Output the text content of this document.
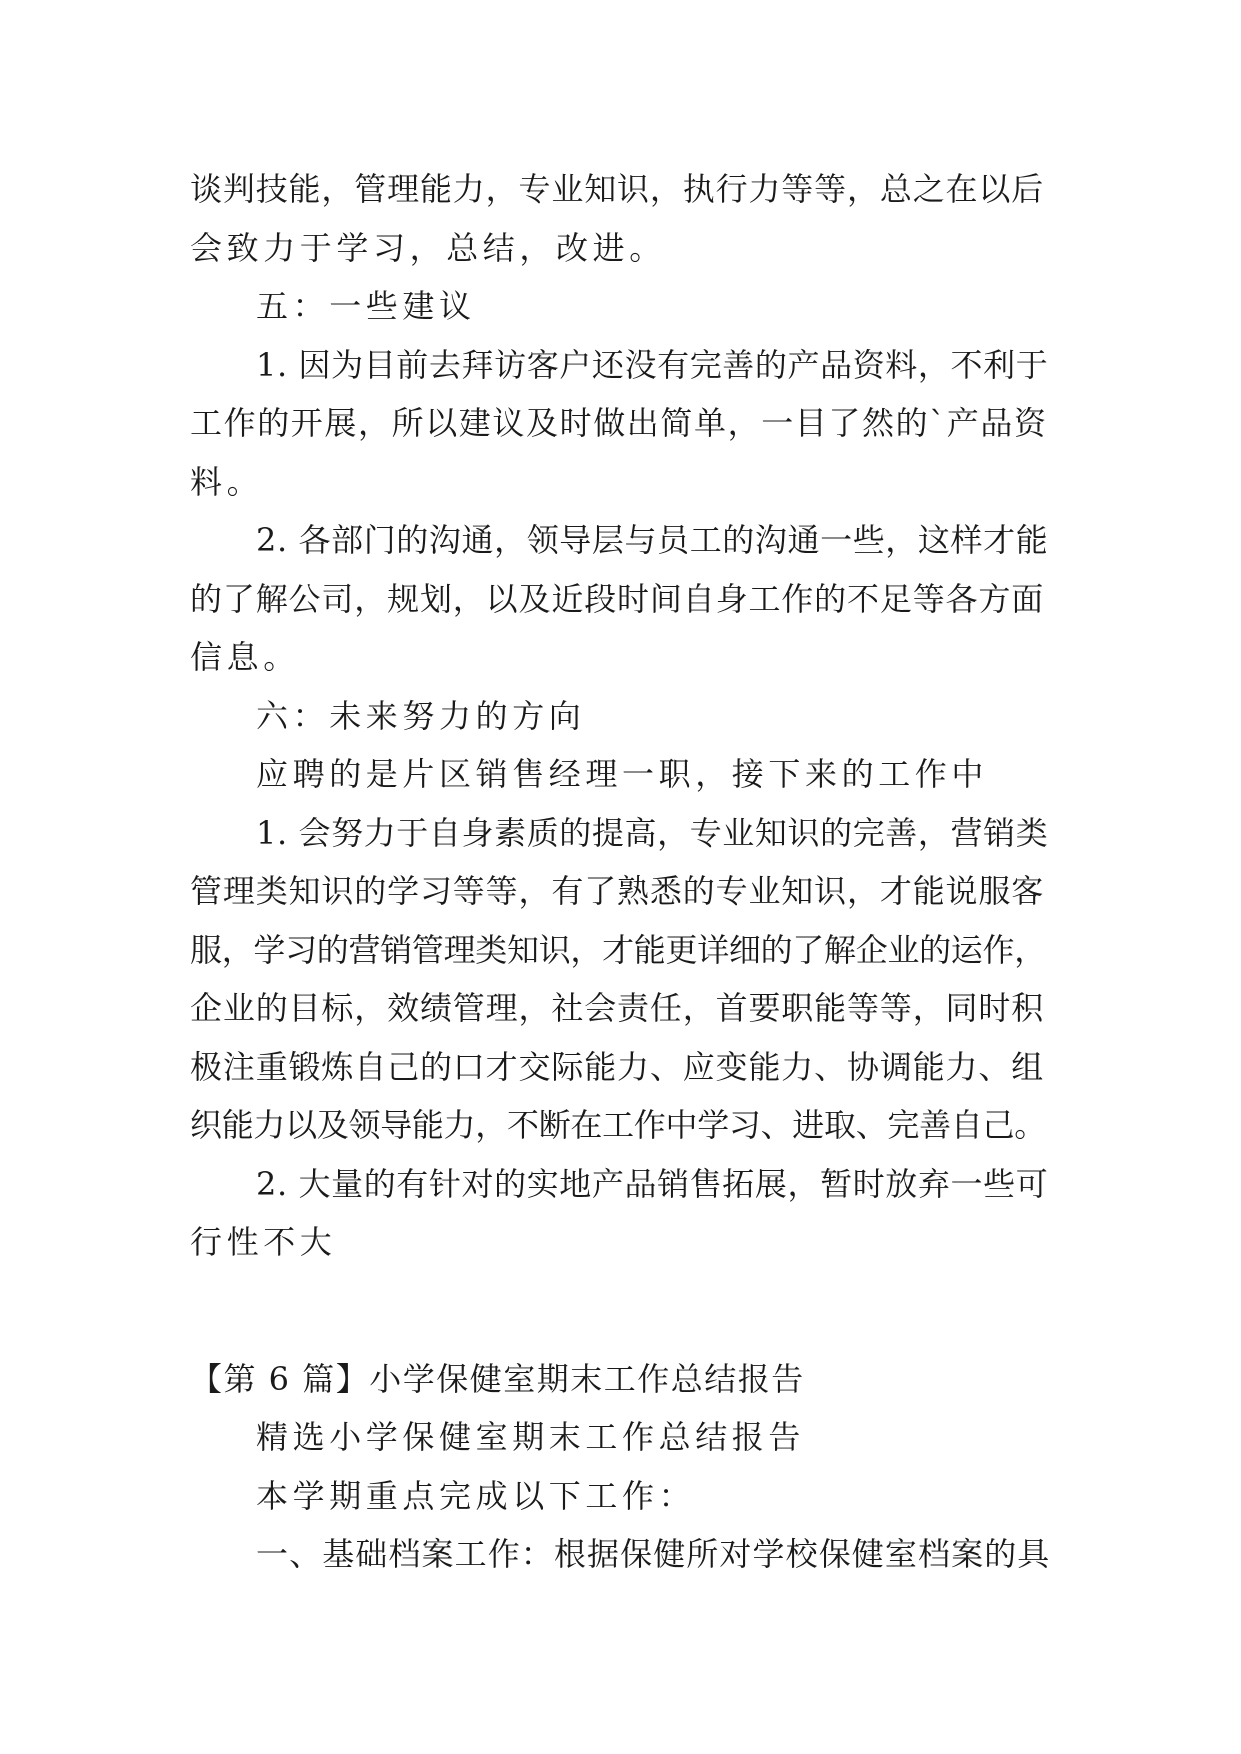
谈判技能，管理能力，专业知识，执行力等等，总之在以后
会致力于学习，总结，改进。
五：一些建议
1. 因为目前去拜访客户还没有完善的产品资料，不利于
工作的开展，所以建议及时做出简单，一目了然的`产品资
料。
2. 各部门的沟通，领导层与员工的沟通一些，这样才能
的了解公司，规划，以及近段时间自身工作的不足等各方面
信息。
六：未来努力的方向
应聘的是片区销售经理一职，接下来的工作中
1. 会努力于自身素质的提高，专业知识的完善，营销类
管理类知识的学习等等，有了熟悉的专业知识，才能说服客
服，学习的营销管理类知识，才能更详细的了解企业的运作，
企业的目标，效绩管理，社会责任，首要职能等等，同时积
极注重锻炼自己的口才交际能力、应变能力、协调能力、组
织能力以及领导能力，不断在工作中学习、进取、完善自己。
2. 大量的有针对的实地产品销售拓展，暂时放弃一些可
行性不大
【第 6 篇】小学保健室期末工作总结报告
精选小学保健室期末工作总结报告
本学期重点完成以下工作：
一、基础档案工作：根据保健所对学校保健室档案的具
